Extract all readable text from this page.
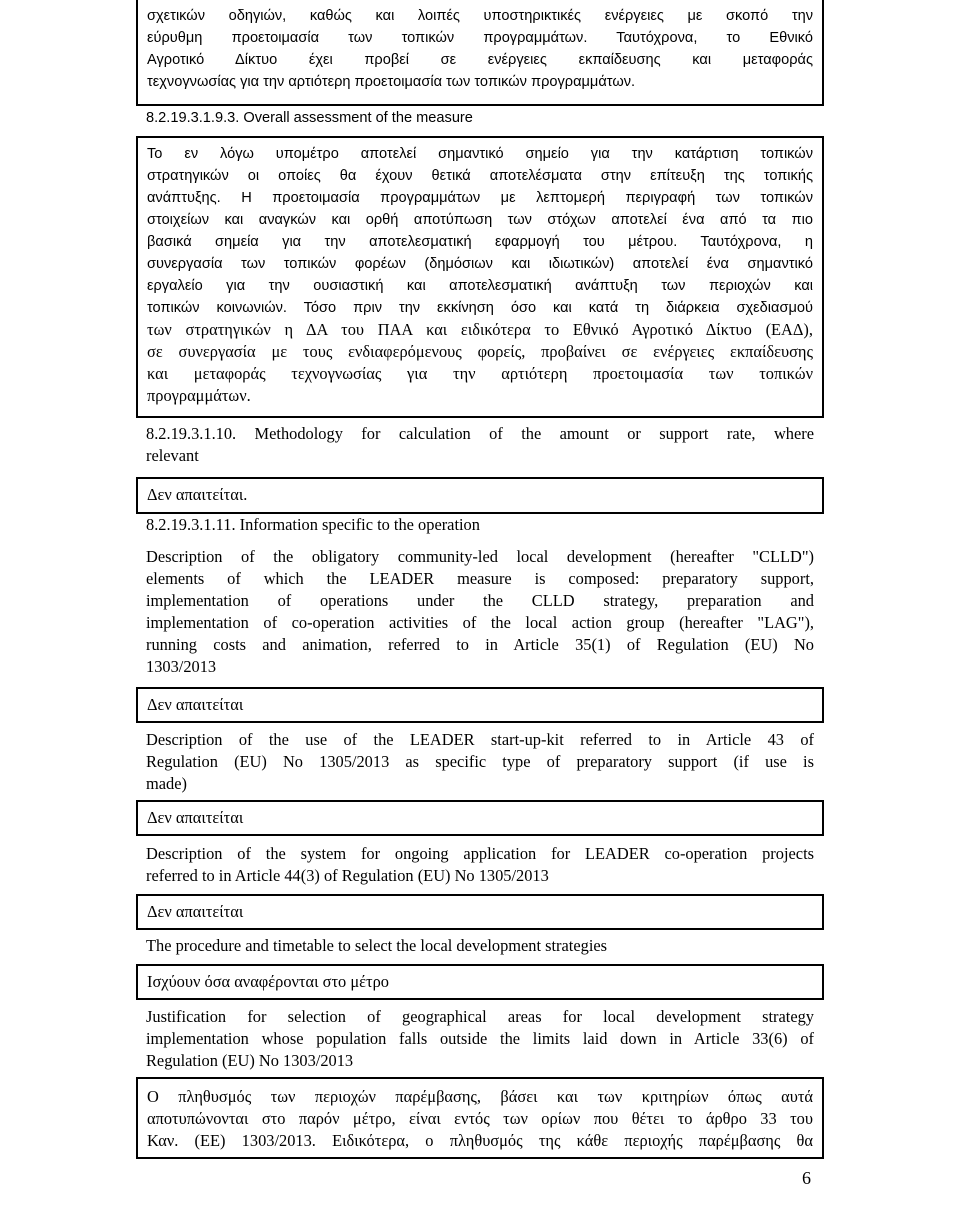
σχετικών οδηγιών, καθώς και λοιπές υποστηρικτικές ενέργειες με σκοπό την
εύρυθμη προετοιμασία των τοπικών προγραμμάτων. Ταυτόχρονα, το Εθνικό
Αγροτικό Δίκτυο έχει προβεί σε ενέργειες εκπαίδευσης και μεταφοράς
τεχνογνωσίας για την αρτιότερη προετοιμασία των τοπικών προγραμμάτων.
8.2.19.3.1.9.3. Overall assessment of the measure
Το εν λόγω υπομέτρο αποτελεί σημαντικό σημείο για την κατάρτιση τοπικών
στρατηγικών οι οποίες θα έχουν θετικά αποτελέσματα στην επίτευξη της τοπικής
ανάπτυξης. Η προετοιμασία προγραμμάτων με λεπτομερή περιγραφή των τοπικών
στοιχείων και αναγκών και ορθή αποτύπωση των στόχων αποτελεί ένα από τα πιο
βασικά σημεία για την αποτελεσματική εφαρμογή του μέτρου. Ταυτόχρονα, η
συνεργασία των τοπικών φορέων (δημόσιων και ιδιωτικών) αποτελεί ένα σημαντικό
εργαλείο για την ουσιαστική και αποτελεσματική ανάπτυξη των περιοχών και
τοπικών κοινωνιών. Τόσο πριν την εκκίνηση όσο και κατά τη διάρκεια σχεδιασμού
των στρατηγικών η ΔΑ του ΠΑΑ και ειδικότερα το Εθνικό Αγροτικό Δίκτυο (ΕΑΔ),
σε συνεργασία με τους ενδιαφερόμενους φορείς, προβαίνει σε ενέργειες εκπαίδευσης
και μεταφοράς τεχνογνωσίας για την αρτιότερη προετοιμασία των τοπικών
προγραμμάτων.
8.2.19.3.1.10. Methodology for calculation of the amount or support rate, where
relevant
Δεν απαιτείται.
8.2.19.3.1.11. Information specific to the operation
Description of the obligatory community-led local development (hereafter "CLLD")
elements of which the LEADER measure is composed: preparatory support,
implementation of operations under the CLLD strategy, preparation and
implementation of co-operation activities of the local action group (hereafter "LAG"),
running costs and animation, referred to in Article 35(1) of Regulation (EU) No
1303/2013
Δεν απαιτείται
Description of the use of the LEADER start-up-kit referred to in Article 43 of
Regulation (EU) No 1305/2013 as specific type of preparatory support (if use is
made)
Δεν απαιτείται
Description of the system for ongoing application for LEADER co-operation projects
referred to in Article 44(3) of Regulation (EU) No 1305/2013
Δεν απαιτείται
The procedure and timetable to select the local development strategies
Ισχύουν όσα αναφέρονται στο μέτρο
Justification for selection of geographical areas for local development strategy
implementation whose population falls outside the limits laid down in Article 33(6) of
Regulation (EU) No 1303/2013
Ο πληθυσμός των περιοχών παρέμβασης, βάσει και των κριτηρίων όπως αυτά
αποτυπώνονται στο παρόν μέτρο, είναι εντός των ορίων που θέτει το άρθρο 33 του
Καν. (ΕΕ) 1303/2013. Ειδικότερα, ο πληθυσμός της κάθε περιοχής παρέμβασης θα
6
